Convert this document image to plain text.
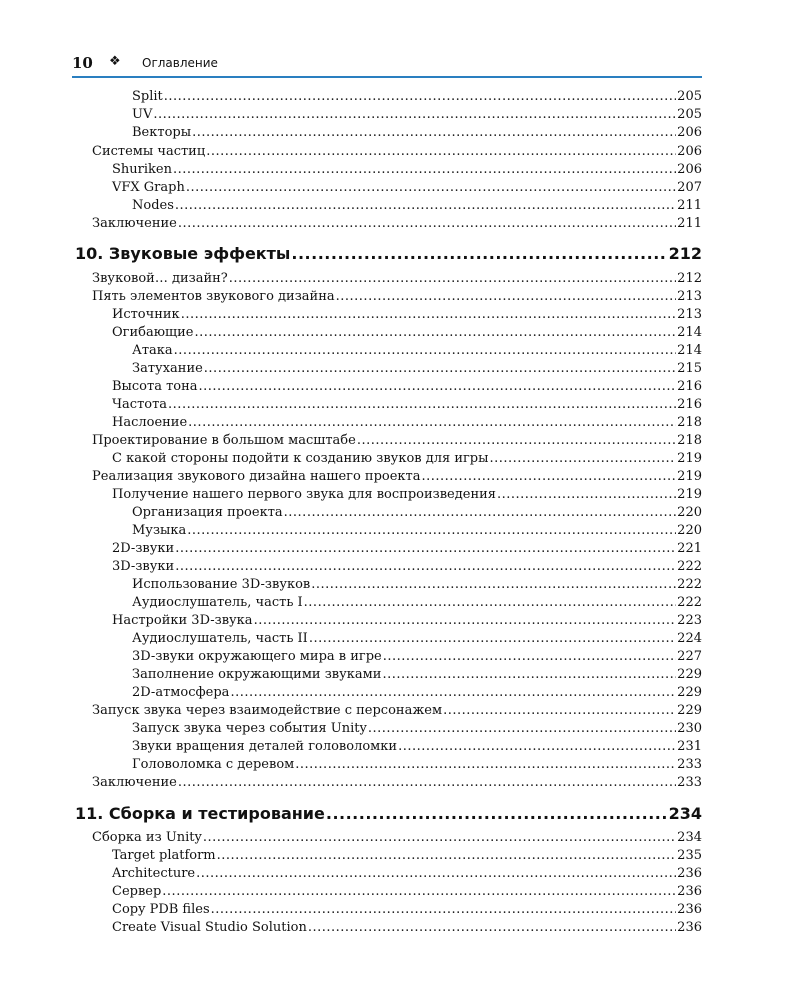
10 ❖ Оглавление
Split .....	205
UV .....	205
Векторы .....	206
Системы частиц .....	206
Shuriken .....	206
VFX Graph .....	207
Nodes .....	211
Заключение .....	211
10. Звуковые эффекты .....	212
Звуковой… дизайн? .....	212
Пять элементов звукового дизайна .....	213
Источник .....	213
Огибающие .....	214
Атака .....	214
Затухание .....	215
Высота тона .....	216
Частота .....	216
Наслоение .....	218
Проектирование в большом масштабе .....	218
С какой стороны подойти к созданию звуков для игры .....	219
Реализация звукового дизайна нашего проекта .....	219
Получение нашего первого звука для воспроизведения .....	219
Организация проекта .....	220
Музыка .....	220
2D-звуки .....	221
3D-звуки .....	222
Использование 3D-звуков .....	222
Аудиослушатель, часть I .....	222
Настройки 3D-звука .....	223
Аудиослушатель, часть II .....	224
3D-звуки окружающего мира в игре .....	227
Заполнение окружающими звуками .....	229
2D-атмосфера .....	229
Запуск звука через взаимодействие с персонажем .....	229
Запуск звука через события Unity .....	230
Звуки вращения деталей головоломки .....	231
Головоломка с деревом .....	233
Заключение .....	233
11. Сборка и тестирование .....	234
Сборка из Unity .....	234
Target platform .....	235
Architecture .....	236
Сервер .....	236
Copy PDB files .....	236
Create Visual Studio Solution .....	236
